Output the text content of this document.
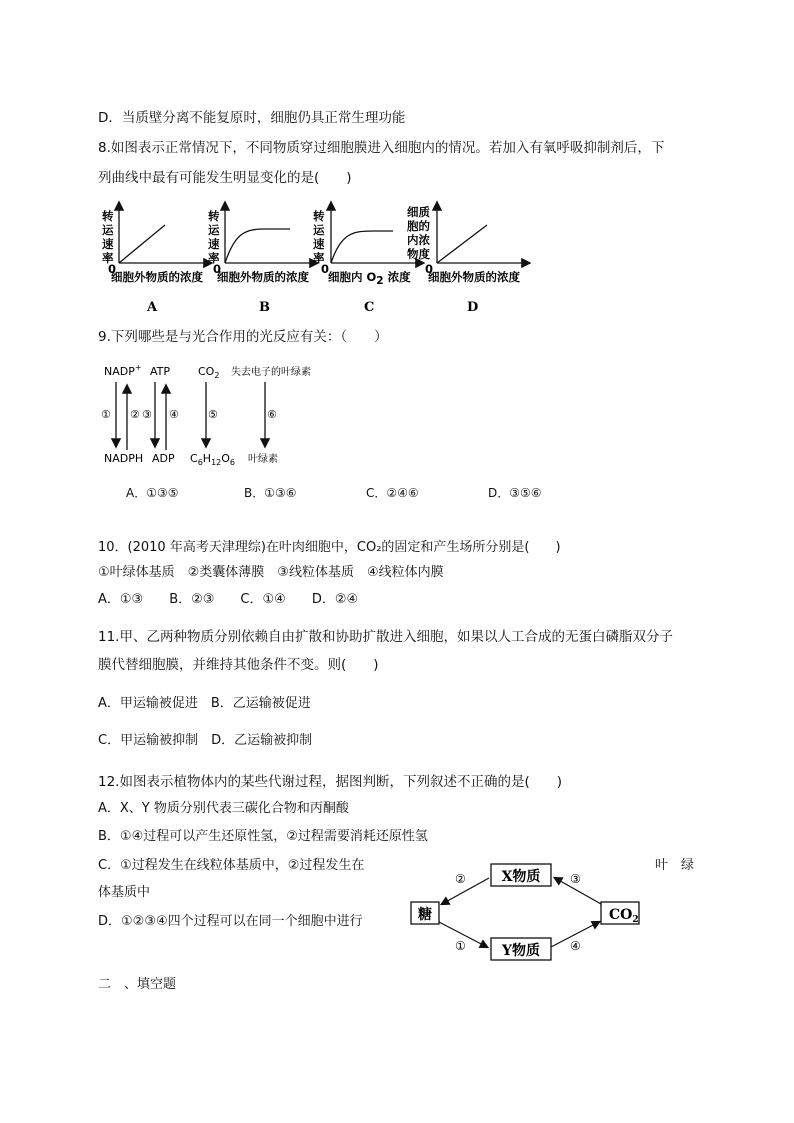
D．当质壁分离不能复原时，细胞仍具正常生理功能
8.如图表示正常情况下，不同物质穿过细胞膜进入细胞内的情况。若加入有氧呼吸抑制剂后，下
列曲线中最有可能发生明显变化的是(　　)
转
运
速
率
0
细胞外物质的浓度
A
转
运
速
率
0
细胞外物质的浓度
B
转
运
速
率
0
细胞内 O2 浓度
C
细质
胞的
内浓
物度
0
细胞外物质的浓度
D
9.下列哪些是与光合作用的光反应有关：（　　）
NADP+ ATP	$CO_2$ 失去电子的叶绿素
① ② ③ ④	⑤	⑥
NADPH ADP $C_6H_{12}O_6$ 叶绿素
A．①③⑤	B．①③⑥	C．②④⑥	D．③⑤⑥
10．(2010 年高考天津理综)在叶肉细胞中，CO₂的固定和产生场所分别是(　　)
①叶绿体基质　②类囊体薄膜　③线粒体基质　④线粒体内膜
A．①③　　B．②③　　C．①④　　D．②④
11.甲、乙两种物质分别依赖自由扩散和协助扩散进入细胞，如果以人工合成的无蛋白磷脂双分子
膜代替细胞膜，并维持其他条件不变。则(　　)
A．甲运输被促进　B．乙运输被促进
C．甲运输被抑制　D．乙运输被抑制
12.如图表示植物体内的某些代谢过程，据图判断，下列叙述不正确的是(　　)
A．X、Y 物质分别代表三碳化合物和丙酮酸
B．①④过程可以产生还原性氢，②过程需要消耗还原性氢
C．①过程发生在线粒体基质中，②过程发生在	叶 绿
体基质中
D．①②③④四个过程可以在同一个细胞中进行
X物质
糖	$CO_2$
Y物质
②	③
①	④
二　、填空题
